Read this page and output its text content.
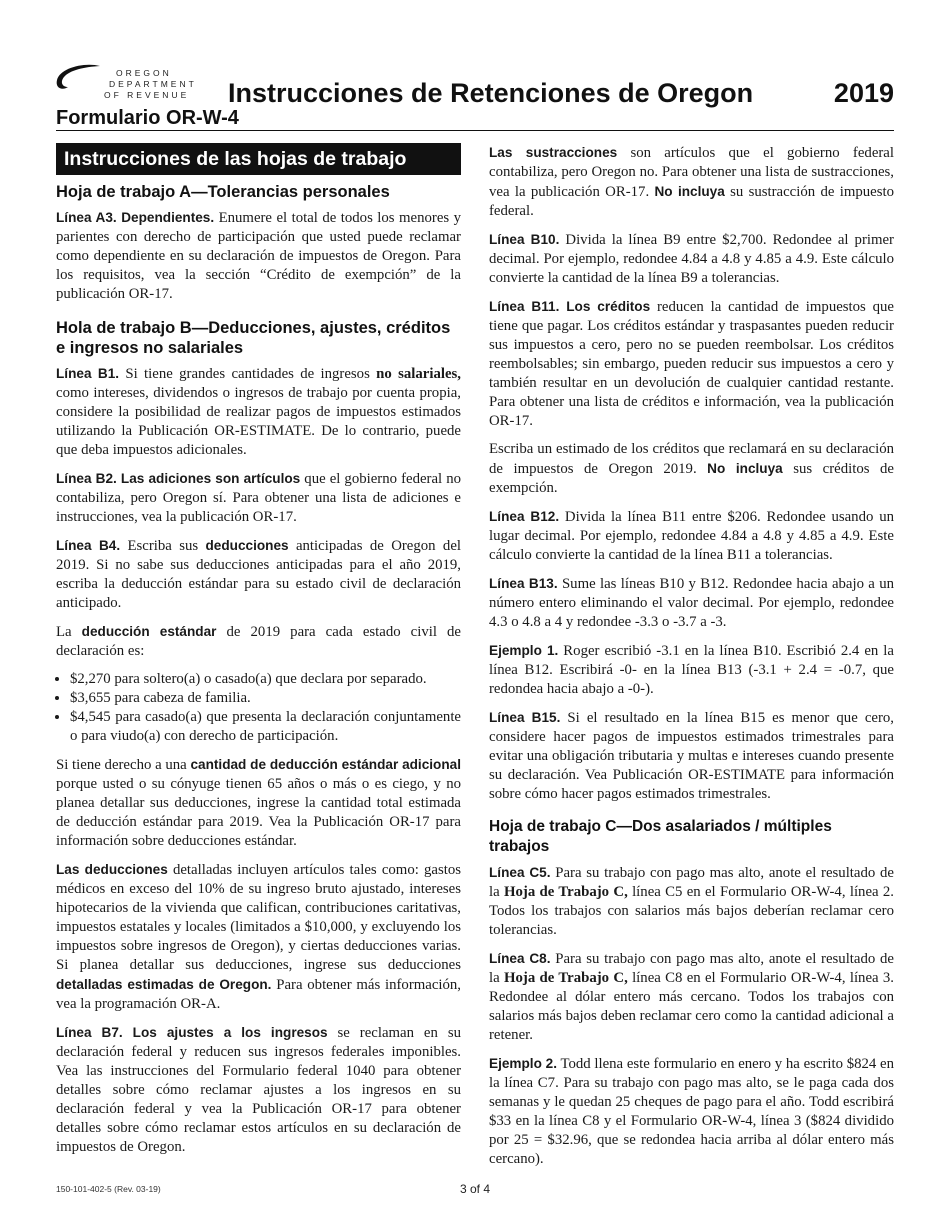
OREGON
DEPARTMENT
OF REVENUE Instrucciones de Retenciones de Oregon	2019
Formulario OR-W-4
Instrucciones de las hojas de trabajo
Hoja de trabajo A—Tolerancias personales

Línea A3. Dependientes. Enumere el total de todos los menores y parientes con derecho de participación que usted puede reclamar como dependiente en su declaración de impuestos de Oregon. Para los requisitos, vea la sección “Crédito de exempción” de la publicación OR-17.

Hola de trabajo B—Deducciones, ajustes, créditos e ingresos no salariales

Línea B1. Si tiene grandes cantidades de ingresos no salariales, como intereses, dividendos o ingresos de trabajo por cuenta propia, considere la posibilidad de realizar pagos de impuestos estimados utilizando la Publicación OR-ESTIMATE. De lo contrario, puede que deba impuestos adicionales.

Línea B2. Las adiciones son artículos que el gobierno federal no contabiliza, pero Oregon sí. Para obtener una lista de adiciones e instrucciones, vea la publicación OR-17.

Línea B4. Escriba sus deducciones anticipadas de Oregon del 2019. Si no sabe sus deducciones anticipadas para el año 2019, escriba la deducción estándar para su estado civil de declaración anticipado.

La deducción estándar de 2019 para cada estado civil de declaración es:

• $2,270 para soltero(a) o casado(a) que declara por separado.
• $3,655 para cabeza de familia.
• $4,545 para casado(a) que presenta la declaración conjuntamente o para viudo(a) con derecho de participación.

Si tiene derecho a una cantidad de deducción estándar adicional porque usted o su cónyuge tienen 65 años o más o es ciego, y no planea detallar sus deducciones, ingrese la cantidad total estimada de deducción estándar para 2019. Vea la Publicación OR-17 para información sobre deducciones estándar.

Las deducciones detalladas incluyen artículos tales como: gastos médicos en exceso del 10% de su ingreso bruto ajustado, intereses hipotecarios de la vivienda que califican, contribuciones caritativas, impuestos estatales y locales (limitados a $10,000, y excluyendo los impuestos sobre ingresos de Oregon), y ciertas deducciones varias. Si planea detallar sus deducciones, ingrese sus deducciones detalladas estimadas de Oregon. Para obtener más información, vea la programación OR-A.

Línea B7. Los ajustes a los ingresos se reclaman en su declaración federal y reducen sus ingresos federales imponibles. Vea las instrucciones del Formulario federal 1040 para obtener detalles sobre cómo reclamar ajustes a los ingresos en su declaración federal y vea la Publicación OR-17 para obtener detalles sobre cómo reclamar estos artículos en su declaración de impuestos de Oregon.

Las sustracciones son artículos que el gobierno federal contabiliza, pero Oregon no. Para obtener una lista de sustracciones, vea la publicación OR-17. No incluya su sustracción de impuesto federal.

Línea B10. Divida la línea B9 entre $2,700. Redondee al primer decimal. Por ejemplo, redondee 4.84 a 4.8 y 4.85 a 4.9. Este cálculo convierte la cantidad de la línea B9 a tolerancias.

Línea B11. Los créditos reducen la cantidad de impuestos que tiene que pagar. Los créditos estándar y traspasantes pueden reducir sus impuestos a cero, pero no se pueden reembolsar. Los créditos reembolsables; sin embargo, pueden reducir sus impuestos a cero y también resultar en un devolución de cualquier cantidad restante. Para obtener una lista de créditos e información, vea la publicación OR-17.

Escriba un estimado de los créditos que reclamará en su declaración de impuestos de Oregon 2019. No incluya sus créditos de exempción.

Línea B12. Divida la línea B11 entre $206. Redondee usando un lugar decimal. Por ejemplo, redondee 4.84 a 4.8 y 4.85 a 4.9. Este cálculo convierte la cantidad de la línea B11 a tolerancias.

Línea B13. Sume las líneas B10 y B12. Redondee hacia abajo a un número entero eliminando el valor decimal. Por ejemplo, redondee 4.3 o 4.8 a 4 y redondee -3.3 o -3.7 a -3.

Ejemplo 1. Roger escribió -3.1 en la línea B10. Escribió 2.4 en la línea B12. Escribirá -0- en la línea B13 (-3.1 + 2.4 = -0.7, que redondea hacia abajo a -0-).

Línea B15. Si el resultado en la línea B15 es menor que cero, considere hacer pagos de impuestos estimados trimestrales para evitar una obligación tributaria y multas e intereses cuando presente su declaración. Vea Publicación OR-ESTIMATE para información sobre cómo hacer pagos estimados trimestrales.

Hoja de trabajo C—Dos asalariados / múltiples trabajos

Línea C5. Para su trabajo con pago mas alto, anote el resultado de la Hoja de Trabajo C, línea C5 en el Formulario OR-W-4, línea 2. Todos los trabajos con salarios más bajos deberían reclamar cero tolerancias.

Línea C8. Para su trabajo con pago mas alto, anote el resultado de la Hoja de Trabajo C, línea C8 en el Formulario OR-W-4, línea 3. Redondee al dólar entero más cercano. Todos los trabajos con salarios más bajos deben reclamar cero como la cantidad adicional a retener.

Ejemplo 2. Todd llena este formulario en enero y ha escrito $824 en la línea C7. Para su trabajo con pago mas alto, se le paga cada dos semanas y le quedan 25 cheques de pago para el año. Todd escribirá $33 en la línea C8 y el Formulario OR-W-4, línea 3 ($824 dividido por 25 = $32.96, que se redondea hacia arriba al dólar entero más cercano).

150-101-402-5 (Rev. 03-19)	3 of 4
